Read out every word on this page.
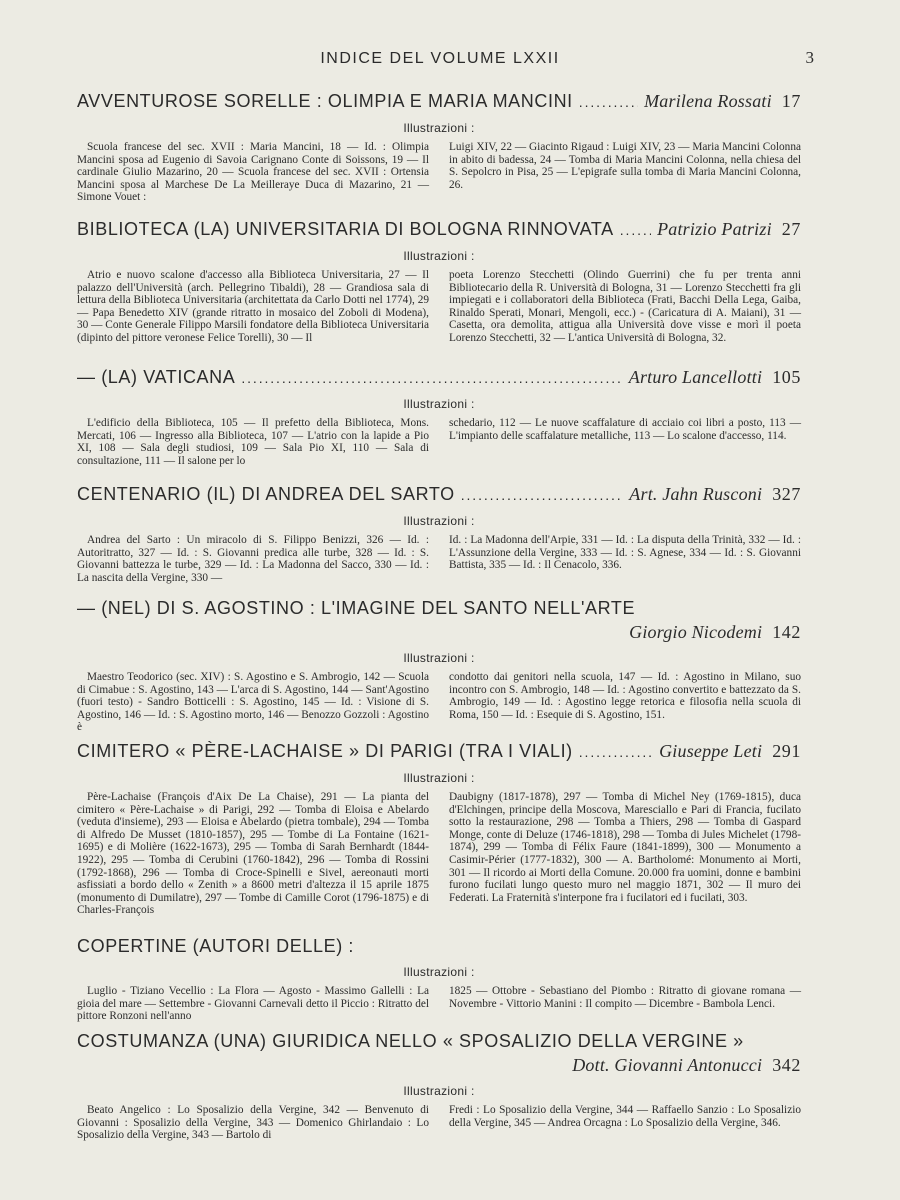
INDICE DEL VOLUME LXXII	3
AVVENTUROSE SORELLE : OLIMPIA E MARIA MANCINI . . .	Marilena Rossati 17
Illustrazioni :
Scuola francese del sec. XVII : Maria Mancini, 18 — Id. : Olimpia Mancini sposa ad Eugenio di Savoia Carignano Conte di Soissons, 19 — Il cardinale Giulio Mazarino, 20 — Scuola francese del sec. XVII : Ortensia Mancini sposa al Marchese De La Meilleraye Duca di Mazarino, 21 — Simone Vouet :
Luigi XIV, 22 — Giacinto Rigaud : Luigi XIV, 23 — Maria Mancini Colonna in abito di badessa, 24 — Tomba di Maria Mancini Colonna, nella chiesa del S. Sepolcro in Pisa, 25 — L'epigrafe sulla tomba di Maria Mancini Colonna, 26.
BIBLIOTECA (LA) UNIVERSITARIA DI BOLOGNA RINNOVATA . . . Patrizio Patrizi 27
Illustrazioni :
Atrio e nuovo scalone d'accesso alla Biblioteca Universitaria, 27 — Il palazzo dell'Università (arch. Pellegrino Tibaldi), 28 — Grandiosa sala di lettura della Biblioteca Universitaria (architettata da Carlo Dotti nel 1774), 29 — Papa Benedetto XIV (grande ritratto in mosaico del Zoboli di Modena), 30 — Conte Generale Filippo Marsili fondatore della Biblioteca Universitaria (dipinto del pittore veronese Felice Torelli), 30 — Il
poeta Lorenzo Stecchetti (Olindo Guerrini) che fu per trenta anni Bibliotecario della R. Università di Bologna, 31 — Lorenzo Stecchetti fra gli impiegati e i collaboratori della Biblioteca (Frati, Bacchi Della Lega, Gaiba, Rinaldo Sperati, Monari, Mengoli, ecc.) - (Caricatura di A. Maiani), 31 — Casetta, ora demolita, attigua alla Università dove visse e morì il poeta Lorenzo Stecchetti, 32 — L'antica Università di Bologna, 32.
— (LA) VATICANA . . .	Arturo Lancellotti 105
Illustrazioni :
L'edificio della Biblioteca, 105 — Il prefetto della Biblioteca, Mons. Mercati, 106 — Ingresso alla Biblioteca, 107 — L'atrio con la lapide a Pio XI, 108 — Sala degli studiosi, 109 — Sala Pio XI, 110 — Sala di consultazione, 111 — Il salone per lo
schedario, 112 — Le nuove scaffalature di acciaio coi libri a posto, 113 — L'impianto delle scaffalature metalliche, 113 — Lo scalone d'accesso, 114.
CENTENARIO (IL) DI ANDREA DEL SARTO . . .	Art. Jahn Rusconi 327
Illustrazioni :
Andrea del Sarto : Un miracolo di S. Filippo Benizzi, 326 — Id. : Autoritratto, 327 — Id. : S. Giovanni predica alle turbe, 328 — Id. : S. Giovanni battezza le turbe, 329 — Id. : La Madonna del Sacco, 330 — Id. : La nascita della Vergine, 330 —
Id. : La Madonna dell'Arpie, 331 — Id. : La disputa della Trinità, 332 — Id. : L'Assunzione della Vergine, 333 — Id. : S. Agnese, 334 — Id. : S. Giovanni Battista, 335 — Id. : Il Cenacolo, 336.
— (NEL) DI S. AGOSTINO : L'IMAGINE DEL SANTO NELL'ARTE
Giorgio Nicodemi 142
Illustrazioni :
Maestro Teodorico (sec. XIV) : S. Agostino e S. Ambrogio, 142 — Scuola di Cimabue : S. Agostino, 143 — L'arca di S. Agostino, 144 — Sant'Agostino (fuori testo) - Sandro Botticelli : S. Agostino, 145 — Id. : Visione di S. Agostino, 146 — Id. : S. Agostino morto, 146 — Benozzo Gozzoli : Agostino è
condotto dai genitori nella scuola, 147 — Id. : Agostino in Milano, suo incontro con S. Ambrogio, 148 — Id. : Agostino convertito e battezzato da S. Ambrogio, 149 — Id. : Agostino legge retorica e filosofia nella scuola di Roma, 150 — Id. : Esequie di S. Agostino, 151.
CIMITERO « PÈRE-LACHAISE » DI PARIGI (TRA I VIALI) . . .	Giuseppe Leti 291
Illustrazioni :
Père-Lachaise (François d'Aix De La Chaise), 291 — La pianta del cimitero « Père-Lachaise » di Parigi, 292 — Tomba di Eloisa e Abelardo (veduta d'insieme), 293 — Eloisa e Abelardo (pietra tombale), 294 — Tomba di Alfredo De Musset (1810-1857), 295 — Tombe di La Fontaine (1621-1695) e di Molière (1622-1673), 295 — Tomba di Sarah Bernhardt (1844-1922), 295 — Tomba di Cerubini (1760-1842), 296 — Tomba di Rossini (1792-1868), 296 — Tomba di Croce-Spinelli e Sivel, aereonauti morti asfissiati a bordo dello « Zenith » a 8600 metri d'altezza il 15 aprile 1875 (monumento di Dumilatre), 297 — Tombe di Camille Corot (1796-1875) e di Charles-François
Daubigny (1817-1878), 297 — Tomba di Michel Ney (1769-1815), duca d'Elchingen, principe della Moscova, Maresciallo e Pari di Francia, fucilato sotto la restaurazione, 298 — Tomba a Thiers, 298 — Tomba di Gaspard Monge, conte di Deluze (1746-1818), 298 — Tomba di Jules Michelet (1798-1874), 299 — Tomba di Félix Faure (1841-1899), 300 — Monumento a Casimir-Périer (1777-1832), 300 — A. Bartholomé: Monumento ai Morti, 301 — Il ricordo ai Morti della Comune. 20.000 fra uomini, donne e bambini furono fucilati lungo questo muro nel maggio 1871, 302 — Il muro dei Federati. La Fraternità s'interpone fra i fucilatori ed i fucilati, 303.
COPERTINE (AUTORI DELLE) :
Illustrazioni :
Luglio - Tiziano Vecellio : La Flora — Agosto - Massimo Gallelli : La gioia del mare — Settembre - Giovanni Carnevali detto il Piccio : Ritratto del pittore Ronzoni nell'anno
1825 — Ottobre - Sebastiano del Piombo : Ritratto di giovane romana — Novembre - Vittorio Manini : Il compito — Dicembre - Bambola Lenci.
COSTUMANZA (UNA) GIURIDICA NELLO « SPOSALIZIO DELLA VERGINE »
Dott. Giovanni Antonucci 342
Illustrazioni :
Beato Angelico : Lo Sposalizio della Vergine, 342 — Benvenuto di Giovanni : Sposalizio della Vergine, 343 — Domenico Ghirlandaio : Lo Sposalizio della Vergine, 343 — Bartolo di
Fredi : Lo Sposalizio della Vergine, 344 — Raffaello Sanzio : Lo Sposalizio della Vergine, 345 — Andrea Orcagna : Lo Sposalizio della Vergine, 346.
